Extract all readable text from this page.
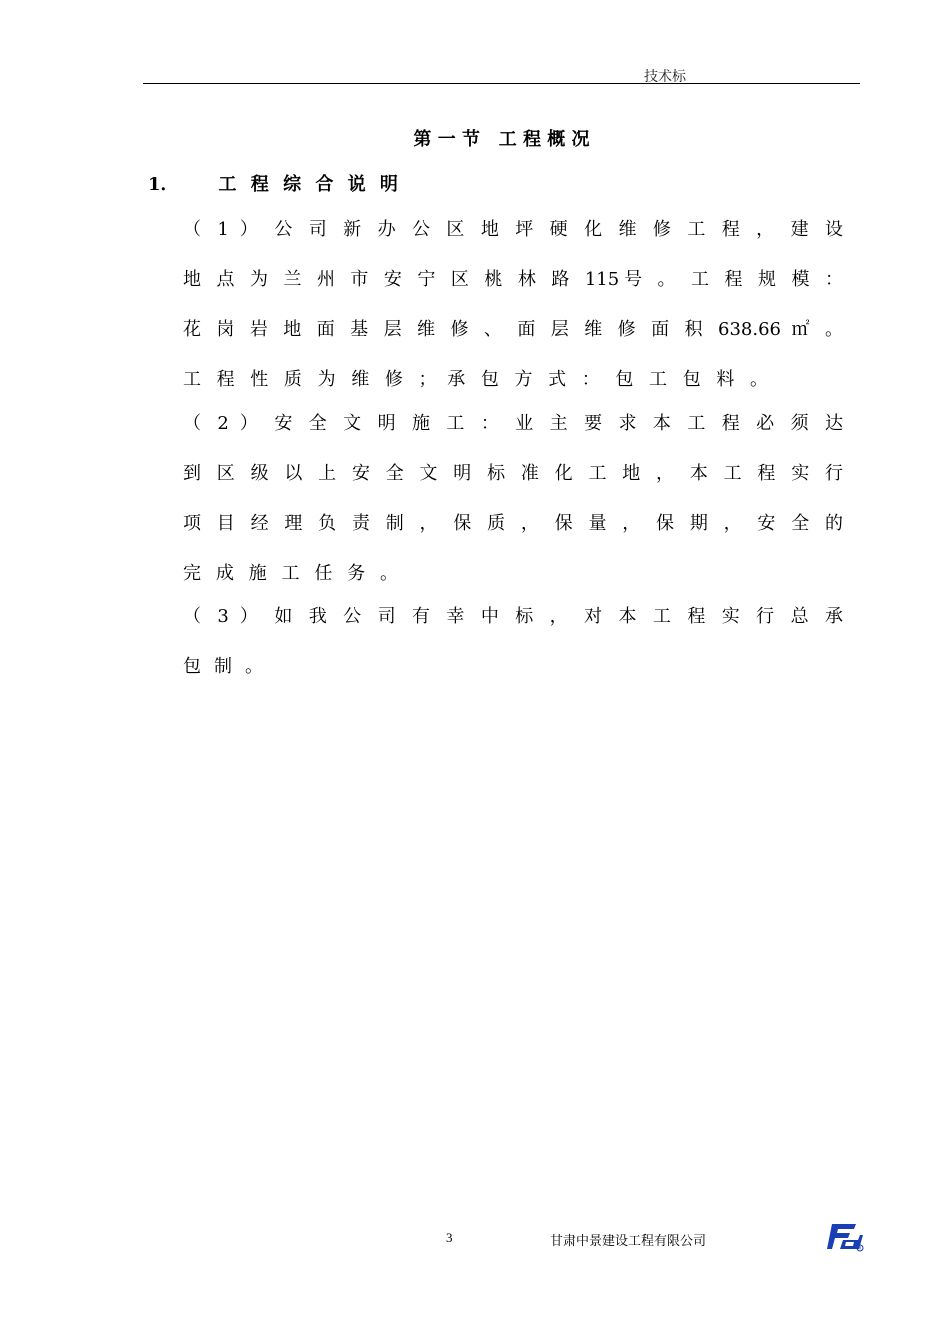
技术标
第 一 节   工 程 概 况
1． 工 程 综 合 说 明
（ 1 ） 公 司 新 办 公 区 地 坪 硬 化 维 修 工 程 ， 建 设
地 点 为 兰 州 市 安 宁 区 桃 林 路 115号 。 工 程 规 模 ：
花 岗 岩 地 面 基 层 维 修 、 面 层 维 修 面 积 638.66 ㎡ 。
工 程 性 质 为 维 修 ； 承 包 方 式 ： 包 工 包 料 。
（ 2 ） 安 全 文 明 施 工 ： 业 主 要 求 本 工 程 必 须 达
到 区 级 以 上 安 全 文 明 标 准 化 工 地 ， 本 工 程 实 行
项 目 经 理 负 责 制 ， 保 质 ， 保 量 ， 保 期 ， 安 全 的
完 成 施 工 任 务 。
（ 3 ） 如 我 公 司 有 幸 中 标 ， 对 本 工 程 实 行 总 承
包 制 。
3	甘肃中景建设工程有限公司	R
